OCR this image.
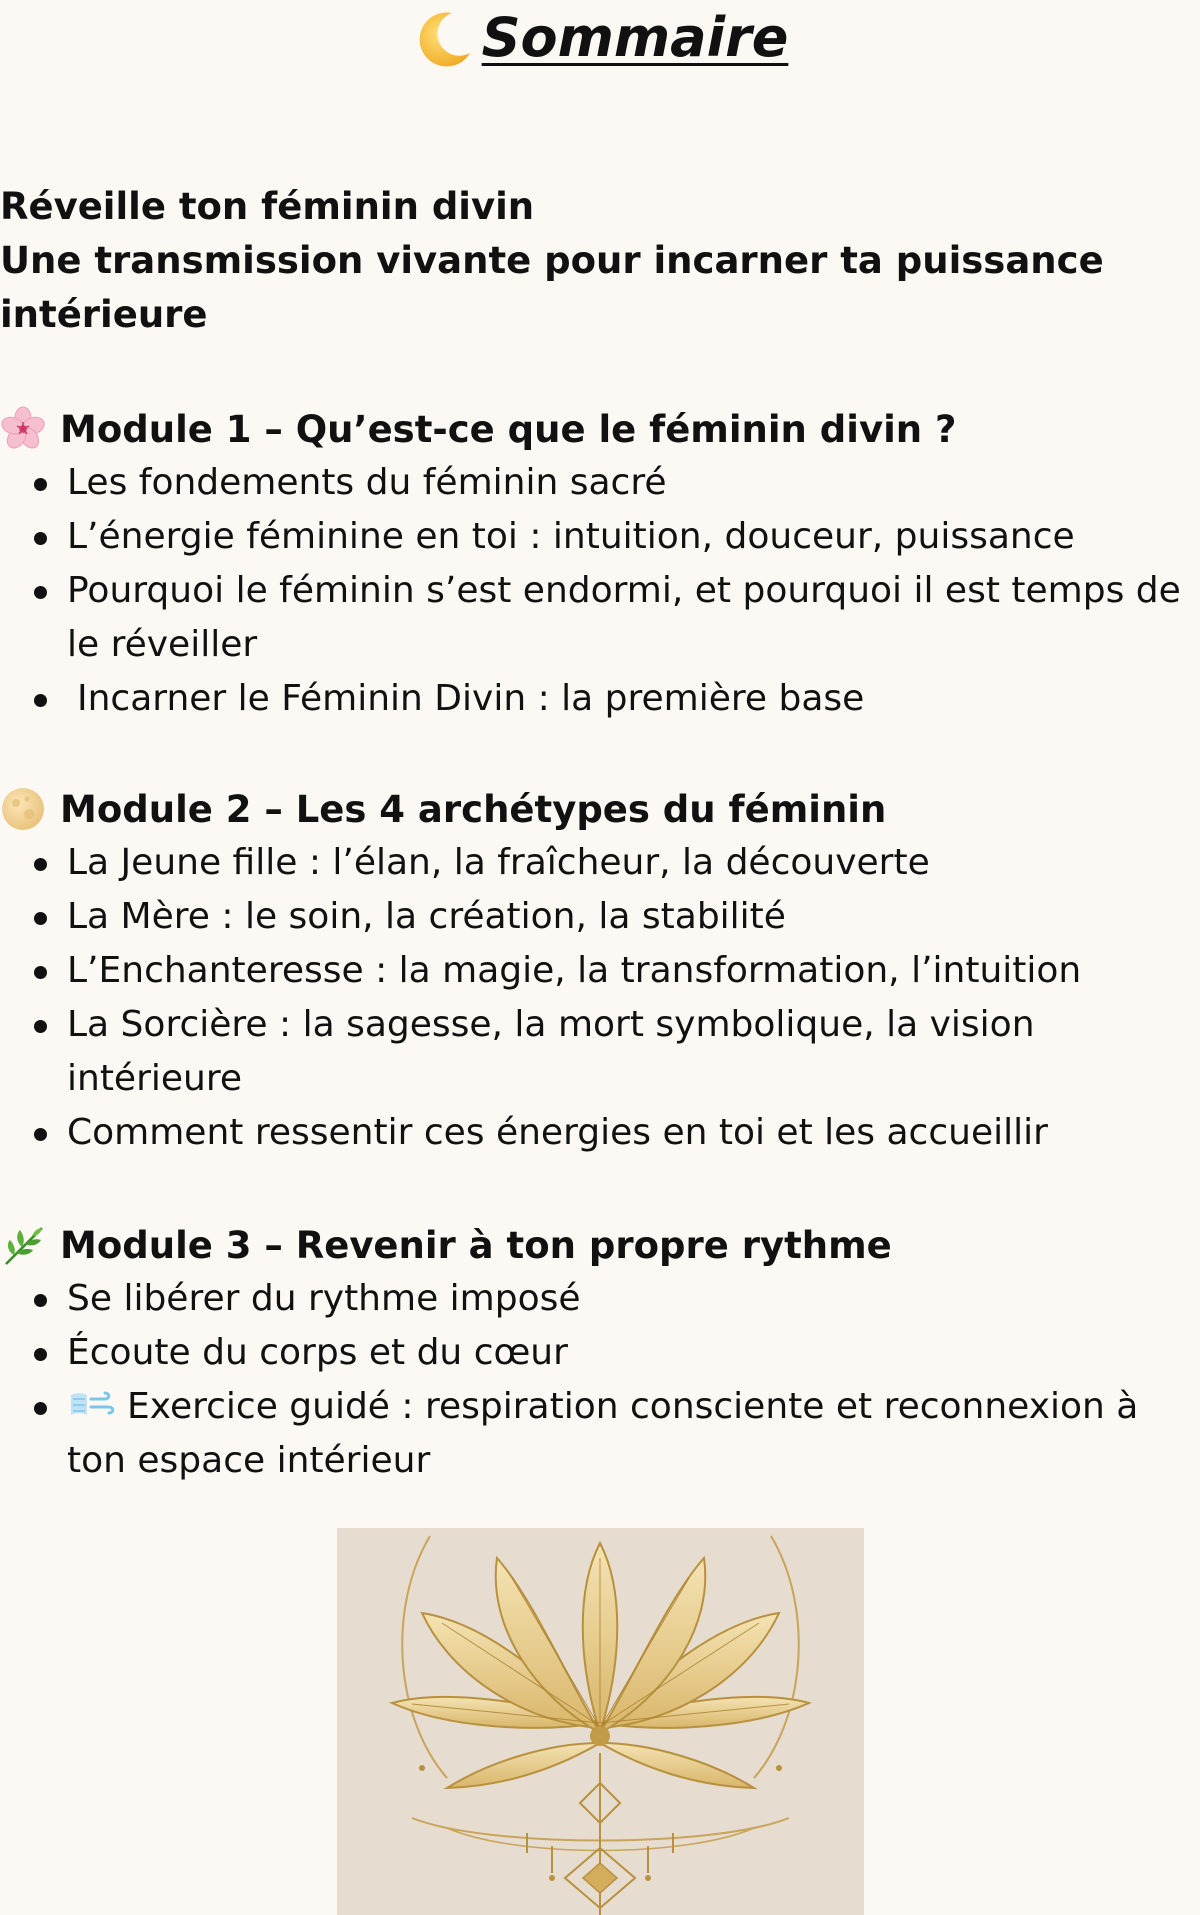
Sommaire

Réveille ton féminin divin

Une transmission vivante pour incarner ta puissance

intérieure

Module 1 – Qu’est-ce que le féminin divin ?
Les fondements du féminin sacré
L’énergie féminine en toi : intuition, douceur, puissance
Pourquoi le féminin s’est endormi, et pourquoi il est temps de
le réveiller
Incarner le Féminin Divin : la première base
Module 2 – Les 4 archétypes du féminin
La Jeune fille : l’élan, la fraîcheur, la découverte
La Mère : le soin, la création, la stabilité
L’Enchanteresse : la magie, la transformation, l’intuition
La Sorcière : la sagesse, la mort symbolique, la vision
intérieure
Comment ressentir ces énergies en toi et les accueillir
Module 3 – Revenir à ton propre rythme
Se libérer du rythme imposé
Écoute du corps et du cœur
Exercice guidé : respiration consciente et reconnexion à
ton espace intérieur
